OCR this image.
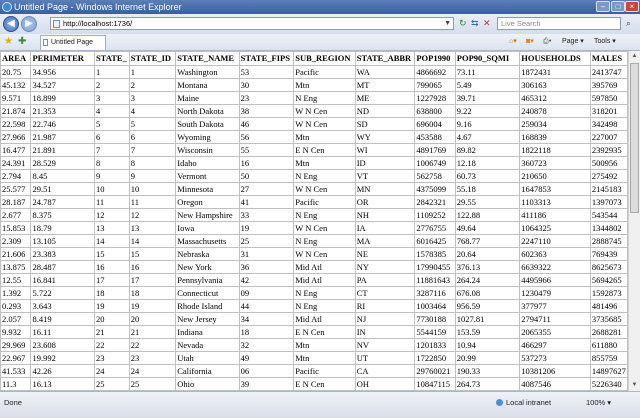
Untitled Page - Windows Internet Explorer	–	□	×
◀	▶	http://localhost:1736/	▼ ↻ ⇆ ✕	Live Search	⌕
★ ✚	Untitled Page	⌂▾ ◙▾ ⎙▾ Page ▾ Tools ▾
AREA	PERIMETER	STATE_	STATE_ID	STATE_NAME	STATE_FIPS	SUB_REGION	STATE_ABBR	POP1990	POP90_SQMI	HOUSEHOLDS	MALES
20.75	34.956	1	1	Washington	53	Pacific	WA	4866692	73.11	1872431	2413747
45.132	34.527	2	2	Montana	30	Mtn	MT	799065	5.49	306163	395769
9.571	18.899	3	3	Maine	23	N Eng	ME	1227928	39.71	465312	597850
21.874	21.353	4	4	North Dakota	38	W N Cen	ND	638800	9.22	240878	318201
22.598	22.746	5	5	South Dakota	46	W N Cen	SD	696004	9.16	259034	342498
27.966	21.987	6	6	Wyoming	56	Mtn	WY	453588	4.67	168839	227007
16.477	21.891	7	7	Wisconsin	55	E N Cen	WI	4891769	89.82	1822118	2392935
24.391	28.529	8	8	Idaho	16	Mtn	ID	1006749	12.18	360723	500956
2.794	8.45	9	9	Vermont	50	N Eng	VT	562758	60.73	210650	275492
25.577	29.51	10	10	Minnesota	27	W N Cen	MN	4375099	55.18	1647853	2145183
28.187	24.787	11	11	Oregon	41	Pacific	OR	2842321	29.55	1103313	1397073
2.677	8.375	12	12	New Hampshire	33	N Eng	NH	1109252	122.88	411186	543544
15.853	18.79	13	13	Iowa	19	W N Cen	IA	2776755	49.64	1064325	1344802
2.309	13.105	14	14	Massachusetts	25	N Eng	MA	6016425	768.77	2247110	2888745
21.606	23.383	15	15	Nebraska	31	W N Cen	NE	1578385	20.64	602363	769439
13.875	28.487	16	16	New York	36	Mid Atl	NY	17990455	376.13	6639322	8625673
12.55	16.841	17	17	Pennsylvania	42	Mid Atl	PA	11881643	264.24	4495966	5694265
1.392	5.722	18	18	Connecticut	09	N Eng	CT	3287116	676.08	1230479	1592873
0.293	3.643	19	19	Rhode Island	44	N Eng	RI	1003464	956.59	377977	481496
2.057	8.419	20	20	New Jersey	34	Mid Atl	NJ	7730188	1027.81	2794711	3735685
9.932	16.11	21	21	Indiana	18	E N Cen	IN	5544159	153.59	2065355	2688281
29.969	23.608	22	22	Nevada	32	Mtn	NV	1201833	10.94	466297	611880
22.967	19.992	23	23	Utah	49	Mtn	UT	1722850	20.99	537273	855759
41.533	42.26	24	24	California	06	Pacific	CA	29760021	190.33	10381206	14897627
11.3	16.13	25	25	Ohio	39	E N Cen	OH	10847115	264.73	4087546	5226340
▲
▼
Done	Local intranet	100% ▾
